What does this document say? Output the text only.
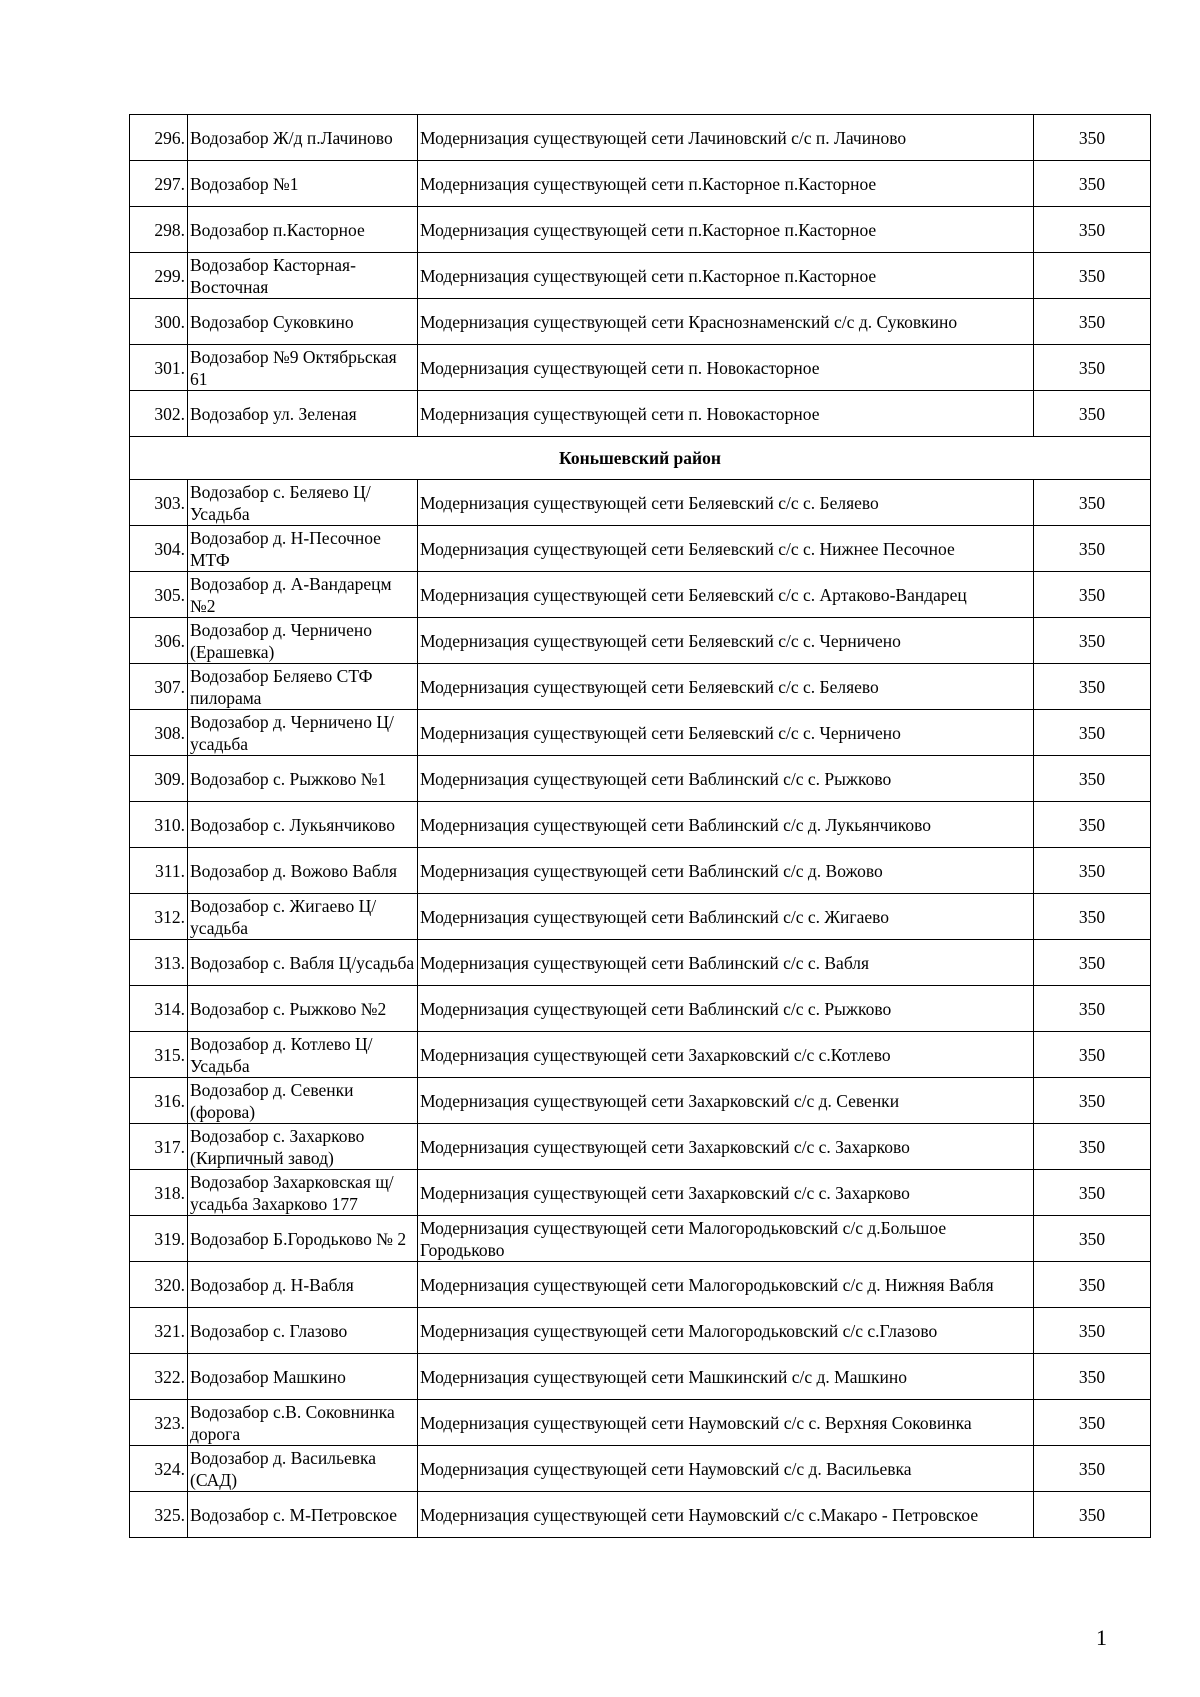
296.	Водозабор Ж/д п.Лачиново	Модернизация существующей сети Лачиновский с/с п. Лачиново	350
297.	Водозабор №1	Модернизация существующей сети п.Касторное п.Касторное	350
298.	Водозабор п.Касторное	Модернизация существующей сети п.Касторное п.Касторное	350
299.	Водозабор Касторная-Восточная	Модернизация существующей сети п.Касторное п.Касторное	350
300.	Водозабор Суковкино	Модернизация существующей сети Краснознаменский с/с д. Суковкино	350
301.	Водозабор №9 Октябрьская 61	Модернизация существующей сети п. Новокасторное	350
302.	Водозабор ул. Зеленая	Модернизация существующей сети п. Новокасторное	350
Коньшевский район			
303.	Водозабор с. Беляево Ц/Усадьба	Модернизация существующей сети Беляевский с/с с. Беляево	350
304.	Водозабор д. Н-Песочное МТФ	Модернизация существующей сети Беляевский с/с с. Нижнее Песочное	350
305.	Водозабор д. А-Вандарецм №2	Модернизация существующей сети Беляевский с/с с. Артаково-Вандарец	350
306.	Водозабор д. Черничено (Ерашевка)	Модернизация существующей сети Беляевский с/с с. Черничено	350
307.	Водозабор Беляево СТФ пилорама	Модернизация существующей сети Беляевский с/с с. Беляево	350
308.	Водозабор д. Черничено Ц/усадьба	Модернизация существующей сети Беляевский с/с с. Черничено	350
309.	Водозабор с. Рыжково №1	Модернизация существующей сети Ваблинский с/с с. Рыжково	350
310.	Водозабор с. Лукьянчиково	Модернизация существующей сети Ваблинский с/с д. Лукьянчиково	350
311.	Водозабор д. Вожово Вабля	Модернизация существующей сети Ваблинский с/с д. Вожово	350
312.	Водозабор с. Жигаево Ц/усадьба	Модернизация существующей сети Ваблинский с/с с. Жигаево	350
313.	Водозабор с. Вабля Ц/усадьба	Модернизация существующей сети Ваблинский с/с с. Вабля	350
314.	Водозабор с. Рыжково №2	Модернизация существующей сети Ваблинский с/с с. Рыжково	350
315.	Водозабор д. Котлево Ц/Усадьба	Модернизация существующей сети Захарковский с/с с.Котлево	350
316.	Водозабор д. Севенки (форова)	Модернизация существующей сети Захарковский с/с д. Севенки	350
317.	Водозабор с. Захарково (Кирпичный завод)	Модернизация существующей сети Захарковский с/с с. Захарково	350
318.	Водозабор Захарковская щ/усадьба Захарково 177	Модернизация существующей сети Захарковский с/с с. Захарково	350
319.	Водозабор Б.Городьково № 2	Модернизация существующей сети Малогородьковский с/с д.Большое Городьково	350
320.	Водозабор д. Н-Вабля	Модернизация существующей сети Малогородьковский с/с д. Нижняя Вабля	350
321.	Водозабор с. Глазово	Модернизация существующей сети Малогородьковский с/с с.Глазово	350
322.	Водозабор Машкино	Модернизация существующей сети Машкинский с/с д. Машкино	350
323.	Водозабор с.В. Соковнинка дорога	Модернизация существующей сети Наумовский с/с с. Верхняя Соковинка	350
324.	Водозабор д. Васильевка (САД)	Модернизация существующей сети Наумовский с/с д. Васильевка	350
325.	Водозабор с. М-Петровское	Модернизация существующей сети Наумовский с/с с.Макаро - Петровское	350
1
